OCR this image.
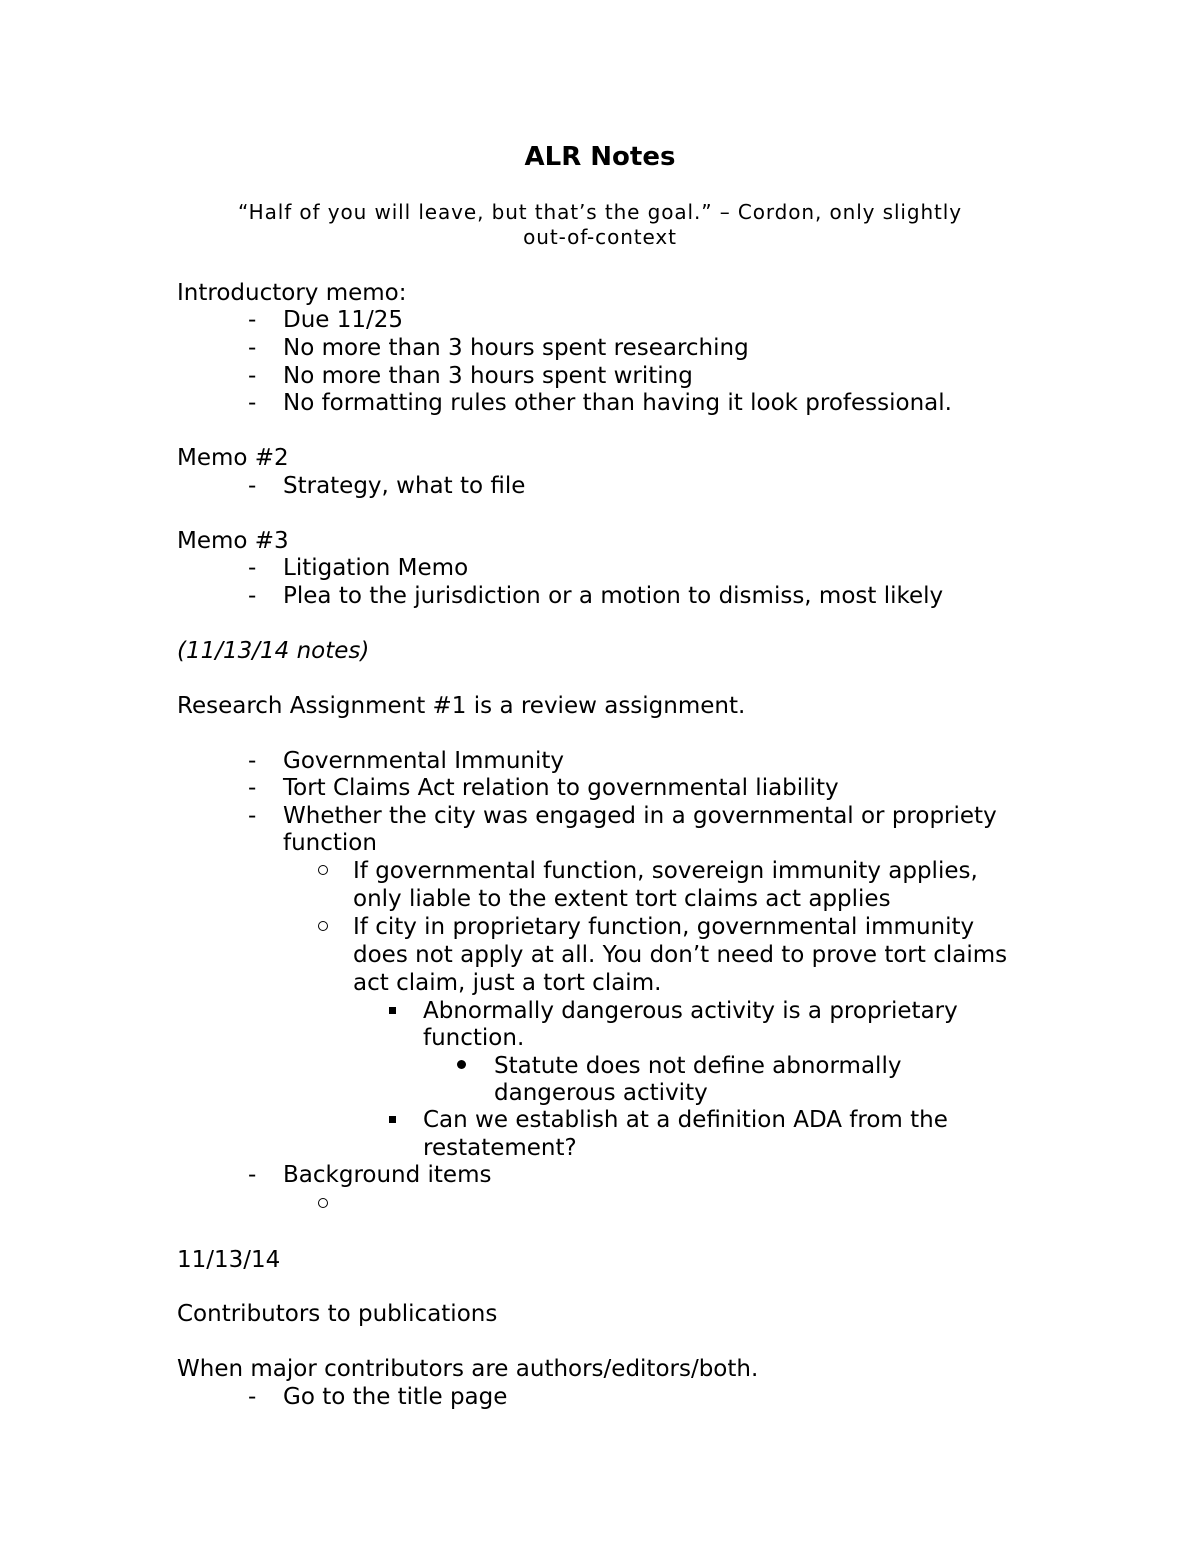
ALR Notes
“Half of you will leave, but that’s the goal.” – Cordon, only slightly
out-of-context
Introductory memo:
- Due 11/25
- No more than 3 hours spent researching
- No more than 3 hours spent writing
- No formatting rules other than having it look professional.
Memo #2
- Strategy, what to file
Memo #3
- Litigation Memo
- Plea to the jurisdiction or a motion to dismiss, most likely
(11/13/14 notes)
Research Assignment #1 is a review assignment.
- Governmental Immunity
- Tort Claims Act relation to governmental liability
- Whether the city was engaged in a governmental or propriety
function
If governmental function, sovereign immunity applies,
only liable to the extent tort claims act applies
If city in proprietary function, governmental immunity
does not apply at all. You don’t need to prove tort claims
act claim, just a tort claim.
Abnormally dangerous activity is a proprietary
function.
Statute does not define abnormally
dangerous activity
Can we establish at a definition ADA from the
restatement?
- Background items
11/13/14
Contributors to publications
When major contributors are authors/editors/both.
- Go to the title page
